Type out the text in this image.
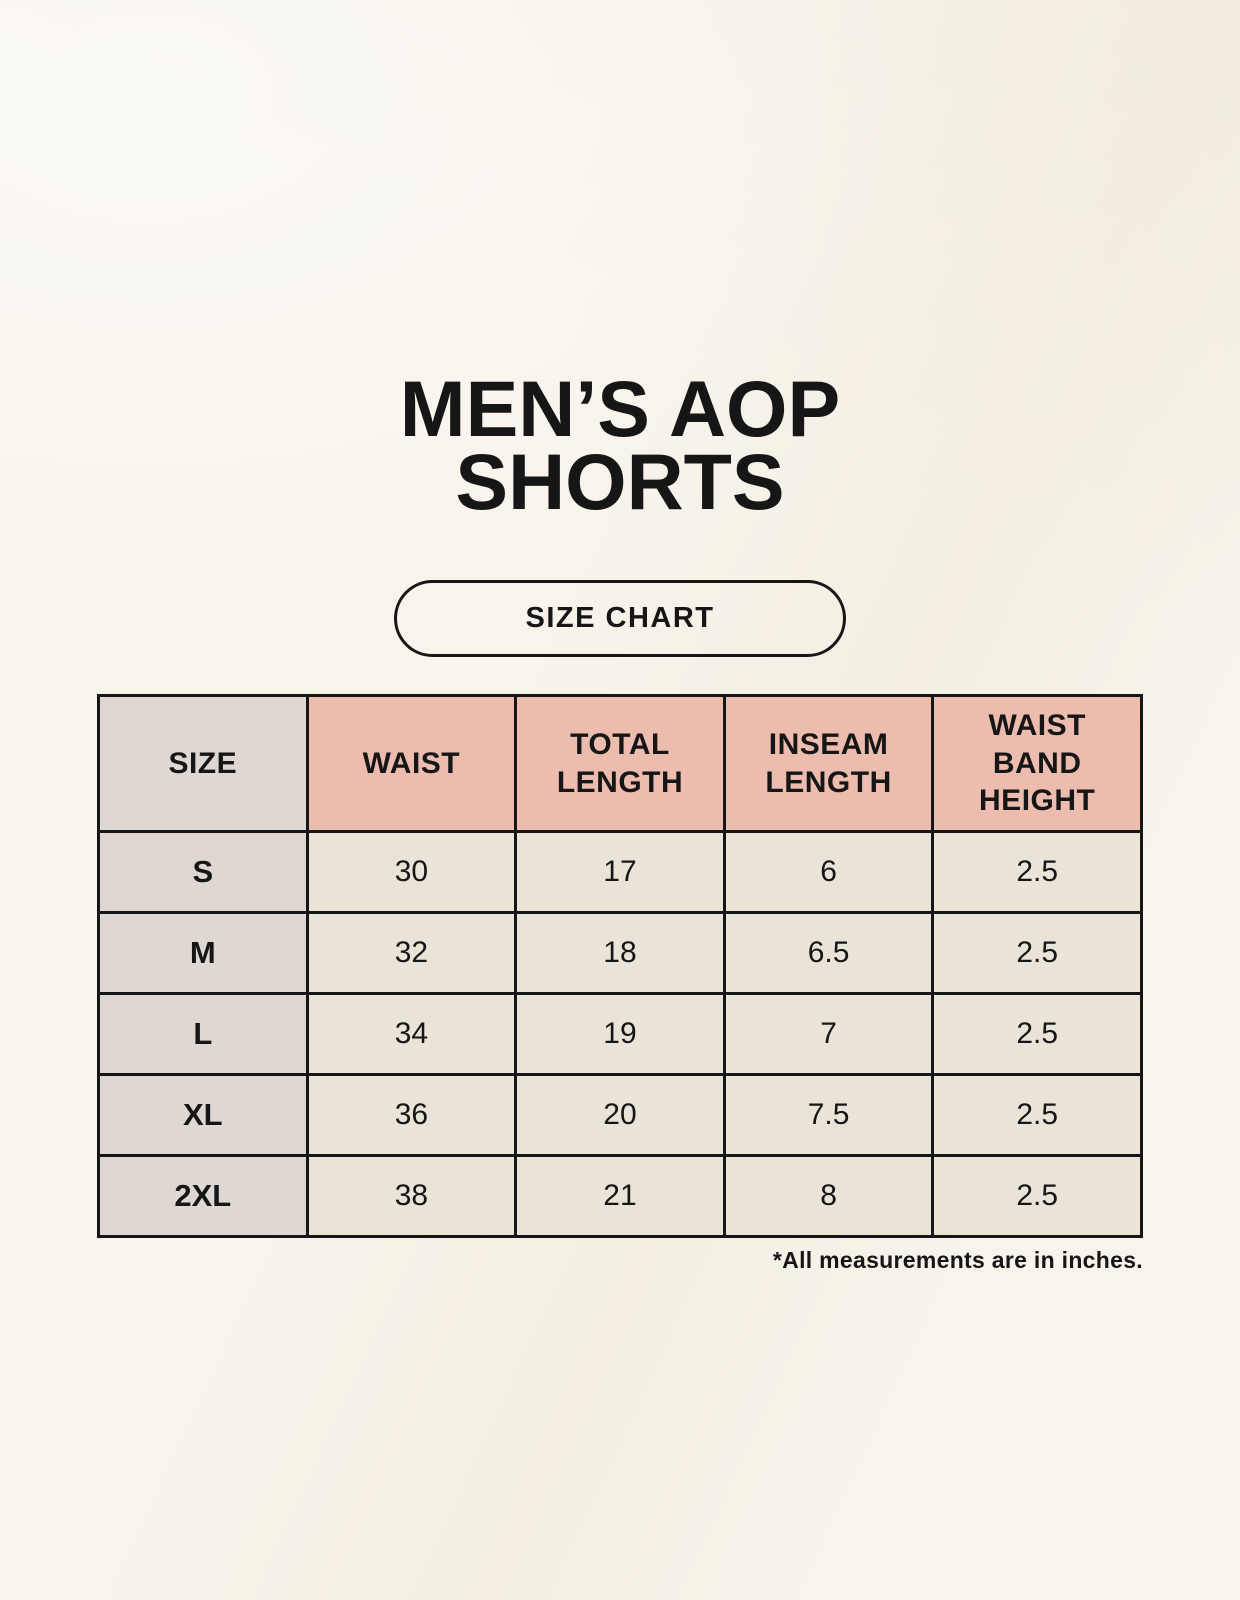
MEN’S AOP
SHORTS
SIZE CHART
SIZE	WAIST	TOTAL LENGTH	INSEAM LENGTH	WAIST BAND HEIGHT
S	30	17	6	2.5
M	32	18	6.5	2.5
L	34	19	7	2.5
XL	36	20	7.5	2.5
2XL	38	21	8	2.5
*All measurements are in inches.
